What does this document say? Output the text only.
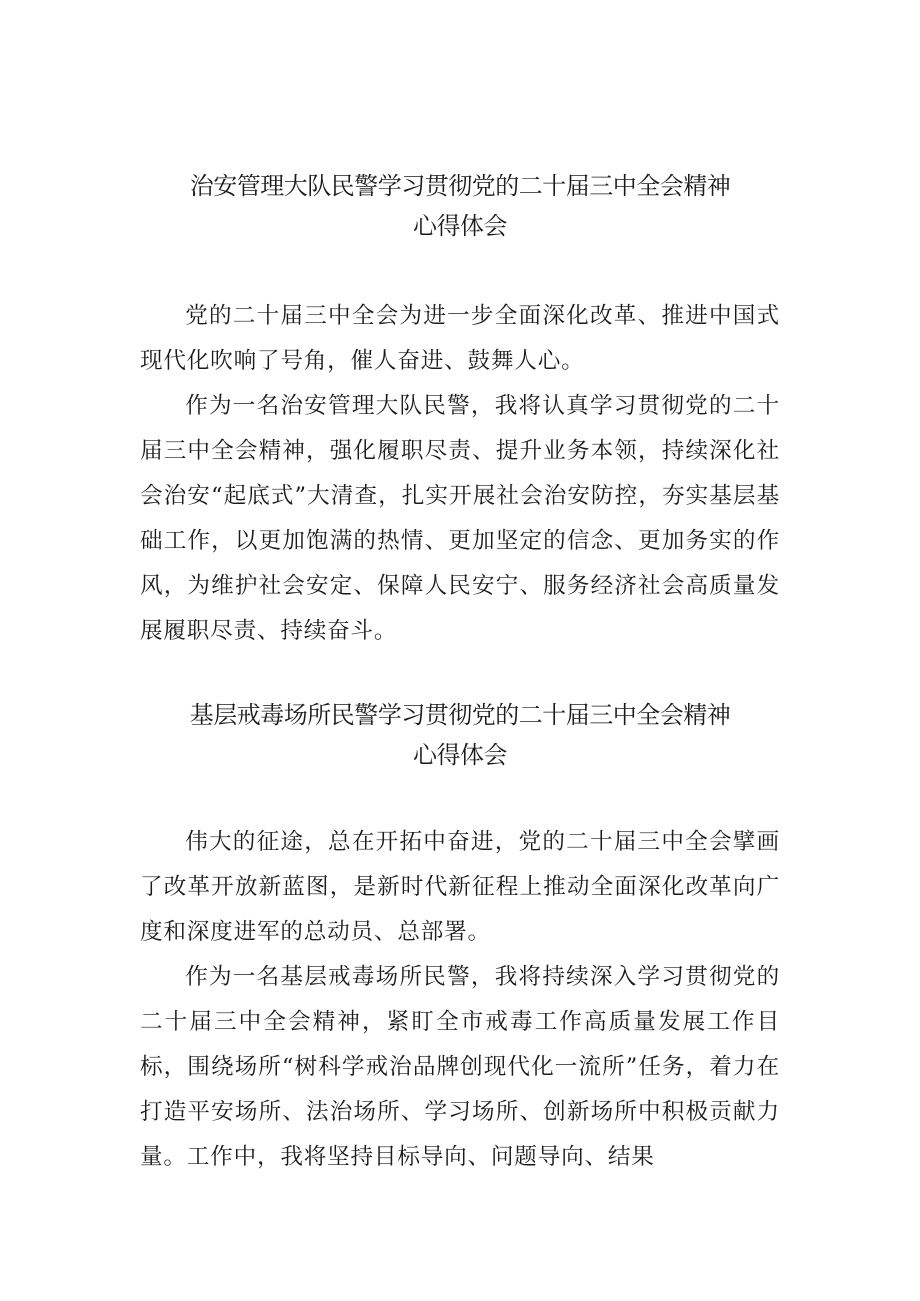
治安管理大队民警学习贯彻党的二十届三中全会精神
心得体会

党的二十届三中全会为进一步全面深化改革、推进中国式现代化吹响了号角，催人奋进、鼓舞人心。

作为一名治安管理大队民警，我将认真学习贯彻党的二十届三中全会精神，强化履职尽责、提升业务本领，持续深化社会治安“起底式”大清查，扎实开展社会治安防控，夯实基层基础工作，以更加饱满的热情、更加坚定的信念、更加务实的作风，为维护社会安定、保障人民安宁、服务经济社会高质量发展履职尽责、持续奋斗。

基层戒毒场所民警学习贯彻党的二十届三中全会精神
心得体会

伟大的征途，总在开拓中奋进，党的二十届三中全会擘画了改革开放新蓝图，是新时代新征程上推动全面深化改革向广度和深度进军的总动员、总部署。

作为一名基层戒毒场所民警，我将持续深入学习贯彻党的二十届三中全会精神，紧盯全市戒毒工作高质量发展工作目标，围绕场所“树科学戒治品牌创现代化一流所”任务，着力在打造平安场所、法治场所、学习场所、创新场所中积极贡献力量。工作中，我将坚持目标导向、问题导向、结果
